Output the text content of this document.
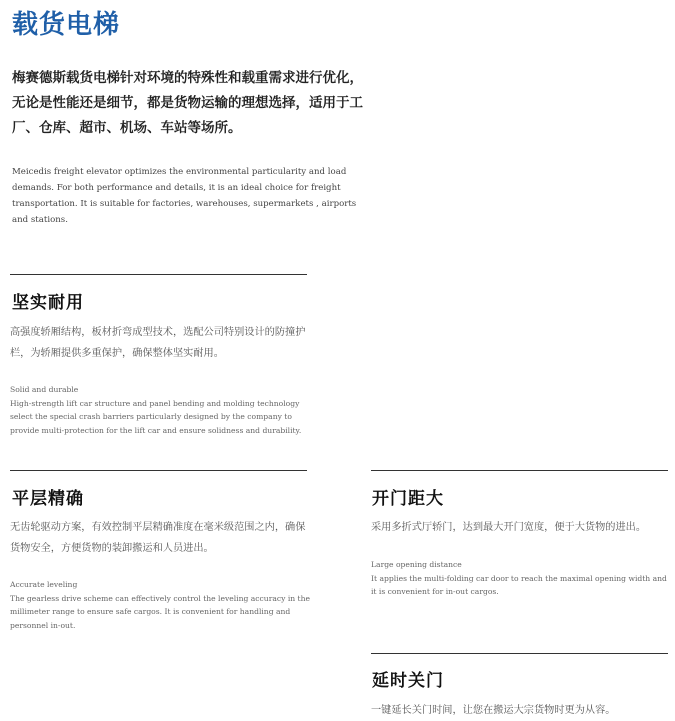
载货电梯
梅赛德斯载货电梯针对环境的特殊性和载重需求进行优化，无论是性能还是细节，都是货物运输的理想选择，适用于工厂、仓库、超市、机场、车站等场所。
Meicedis freight elevator optimizes the environmental particularity and load demands. For both performance and details, it is an ideal choice for freight transportation. It is suitable for factories, warehouses, supermarkets , airports and stations.
坚实耐用
高强度轿厢结构，板材折弯成型技术，选配公司特别设计的防撞护栏，为轿厢提供多重保护，确保整体坚实耐用。
Solid and durable
High-strength lift car structure and panel bending and molding technology select the special crash barriers particularly designed by the company to provide multi-protection for the lift car and ensure solidness and durability.
平层精确
无齿轮驱动方案，有效控制平层精确准度在毫米级范围之内，确保货物安全，方便货物的装卸搬运和人员进出。
Accurate leveling
The gearless drive scheme can effectively control the leveling accuracy in the millimeter range to ensure safe cargos. It is convenient for handling and personnel in-out.
开门距大
采用多折式厅轿门，达到最大开门宽度，便于大货物的进出。
Large opening distance
It applies the multi-folding car door to reach the maximal opening width and it is convenient for in-out cargos.
延时关门
一键延长关门时间，让您在搬运大宗货物时更为从容。
